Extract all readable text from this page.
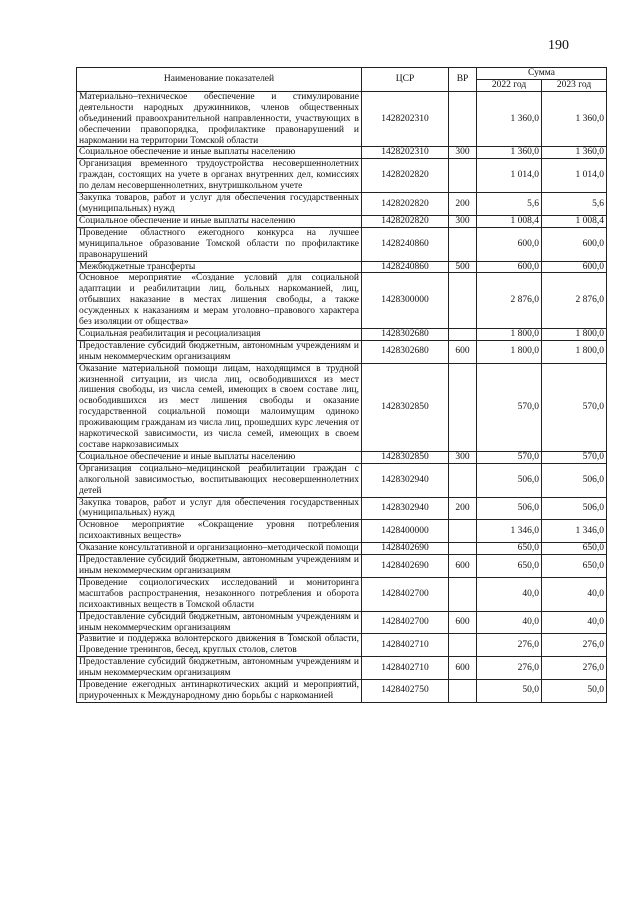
190
Наименование показателей	ЦСР	ВР	Сумма	
			2022 год	2023 год
Материально–техническое обеспечение и стимулирование деятельности народных дружинников, членов общественных объединений правоохранительной направленности, участвующих в обеспечении правопорядка, профилактике правонарушений и наркомании на территории Томской области	1428202310		1 360,0	1 360,0
Социальное обеспечение и иные выплаты населению	1428202310	300	1 360,0	1 360,0
Организация временного трудоустройства несовершеннолетних граждан, состоящих на учете в органах внутренних дел, комиссиях по делам несовершеннолетних, внутришкольном учете	1428202820		1 014,0	1 014,0
Закупка товаров, работ и услуг для обеспечения государственных (муниципальных) нужд	1428202820	200	5,6	5,6
Социальное обеспечение и иные выплаты населению	1428202820	300	1 008,4	1 008,4
Проведение областного ежегодного конкурса на лучшее муниципальное образование Томской области по профилактике правонарушений	1428240860		600,0	600,0
Межбюджетные трансферты	1428240860	500	600,0	600,0
Основное мероприятие «Создание условий для социальной адаптации и реабилитации лиц, больных наркоманией, лиц, отбывших наказание в местах лишения свободы, а также осужденных к наказаниям и мерам уголовно–правового характера без изоляции от общества»	1428300000		2 876,0	2 876,0
Социальная реабилитация и ресоциализация	1428302680		1 800,0	1 800,0
Предоставление субсидий бюджетным, автономным учреждениям и иным некоммерческим организациям	1428302680	600	1 800,0	1 800,0
Оказание материальной помощи лицам, находящимся в трудной жизненной ситуации, из числа лиц, освободившихся из мест лишения свободы, из числа семей, имеющих в своем составе лиц, освободившихся из мест лишения свободы и оказание государственной социальной помощи малоимущим одиноко проживающим гражданам из числа лиц, прошедших курс лечения от наркотической зависимости, из числа семей, имеющих в своем составе наркозависимых	1428302850		570,0	570,0
Социальное обеспечение и иные выплаты населению	1428302850	300	570,0	570,0
Организация социально–медицинской реабилитации граждан с алкогольной зависимостью, воспитывающих несовершеннолетних детей	1428302940		506,0	506,0
Закупка товаров, работ и услуг для обеспечения государственных (муниципальных) нужд	1428302940	200	506,0	506,0
Основное мероприятие «Сокращение уровня потребления психоактивных веществ»	1428400000		1 346,0	1 346,0
Оказание консультативной и организационно–методической помощи	1428402690		650,0	650,0
Предоставление субсидий бюджетным, автономным учреждениям и иным некоммерческим организациям	1428402690	600	650,0	650,0
Проведение социологических исследований и мониторинга масштабов распространения, незаконного потребления и оборота психоактивных веществ в Томской области	1428402700		40,0	40,0
Предоставление субсидий бюджетным, автономным учреждениям и иным некоммерческим организациям	1428402700	600	40,0	40,0
Развитие и поддержка волонтерского движения в Томской области, Проведение тренингов, бесед, круглых столов, слетов	1428402710		276,0	276,0
Предоставление субсидий бюджетным, автономным учреждениям и иным некоммерческим организациям	1428402710	600	276,0	276,0
Проведение ежегодных антинаркотических акций и мероприятий, приуроченных к Международному дню борьбы с наркоманией	1428402750		50,0	50,0
